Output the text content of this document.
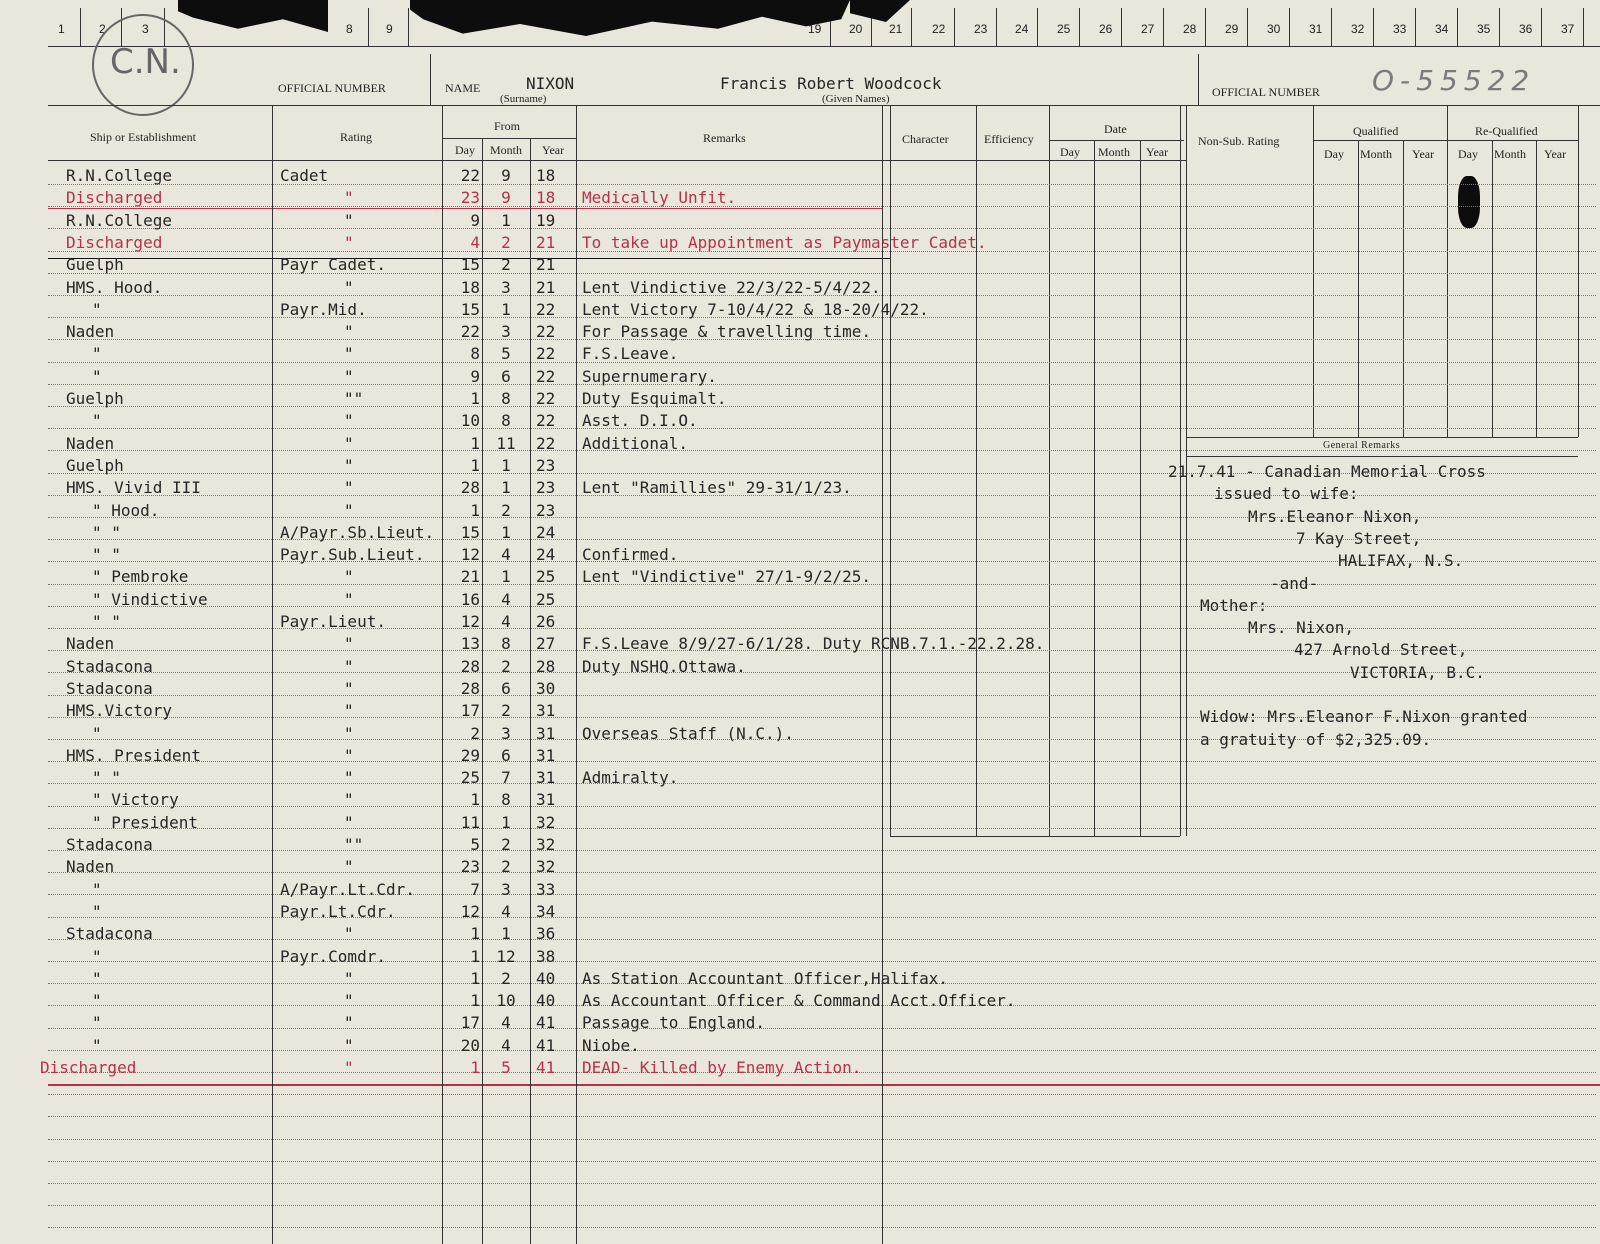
1	2	3	8	9	19 20 21 22 23 24 25 26 27 28 29 30 31 32 33 34 35 36 37
C.N.
OFFICIAL NUMBER	NAME	NIXON
(Surname)
Francis Robert Woodcock
(Given Names)	OFFICIAL NUMBER O-55522
Ship or Establishment	Rating
From
Day Month Year
Remarks	Character	Efficiency
Date
Day Month Year
Non-Sub. Rating
Qualified
Day Month Year
Re-Qualified
Day Month Year
General Remarks
R.N.College	Cadet	22	9	18
Discharged	"	23	9	18 Medically Unfit.
R.N.College	"	9	1	19
Discharged	"	4	2	21 To take up Appointment as Paymaster Cadet.
Guelph	Payr Cadet.	15	2	21
HMS. Hood.	"	18	3	21 Lent Vindictive 22/3/22-5/4/22.
"	Payr.Mid.	15	1	22 Lent Victory 7-10/4/22 & 18-20/4/22.
Naden	"	22	3	22 For Passage & travelling time.
"	"	8	5	22 F.S.Leave.
"	"	9	6	22 Supernumerary.
Guelph	""	1	8	22 Duty Esquimalt.
"	"	10	8	22 Asst. D.I.O.
Naden	"	1 11 22 Additional.
Guelph	"	1	1	23
HMS. Vivid III	"	28	1	23 Lent "Ramillies" 29-31/1/23.
" Hood.	"	1	2	23
" "	A/Payr.Sb.Lieut.	15	1	24
" "	Payr.Sub.Lieut.	12	4	24 Confirmed.
" Pembroke	"	21	1	25 Lent "Vindictive" 27/1-9/2/25.
" Vindictive	"	16	4	25
" "	Payr.Lieut.	12	4	26
Naden	"	13	8	27 F.S.Leave 8/9/27-6/1/28. Duty RCNB.7.1.-22.2.28.
Stadacona	"	28	2	28 Duty NSHQ.Ottawa.
Stadacona	"	28	6	30
HMS.Victory	"	17	2	31
"	"	2	3	31 Overseas Staff (N.C.).
HMS. President	"	29	6	31
" "	"	25	7	31 Admiralty.
" Victory	"	1	8	31
" President	"	11	1	32
Stadacona	""	5	2	32
Naden	"	23	2	32
"	A/Payr.Lt.Cdr.	7	3	33
"	Payr.Lt.Cdr.	12	4	34
Stadacona	"	1	1	36
"	Payr.Comdr.	1 12 38
"	"	1	2	40 As Station Accountant Officer,Halifax.
"	"	1 10 40 As Accountant Officer & Command Acct.Officer.
"	"	17	4	41 Passage to England.
"	"	20	4	41 Niobe.
Discharged	"	1	5	41 DEAD- Killed by Enemy Action.
21.7.41 - Canadian Memorial Cross
issued to wife:
Mrs.Eleanor Nixon,
7 Kay Street,
HALIFAX, N.S.
-and-
Mother:
Mrs. Nixon,
427 Arnold Street,
VICTORIA, B.C.
Widow: Mrs.Eleanor F.Nixon granted
a gratuity of $2,325.09.
